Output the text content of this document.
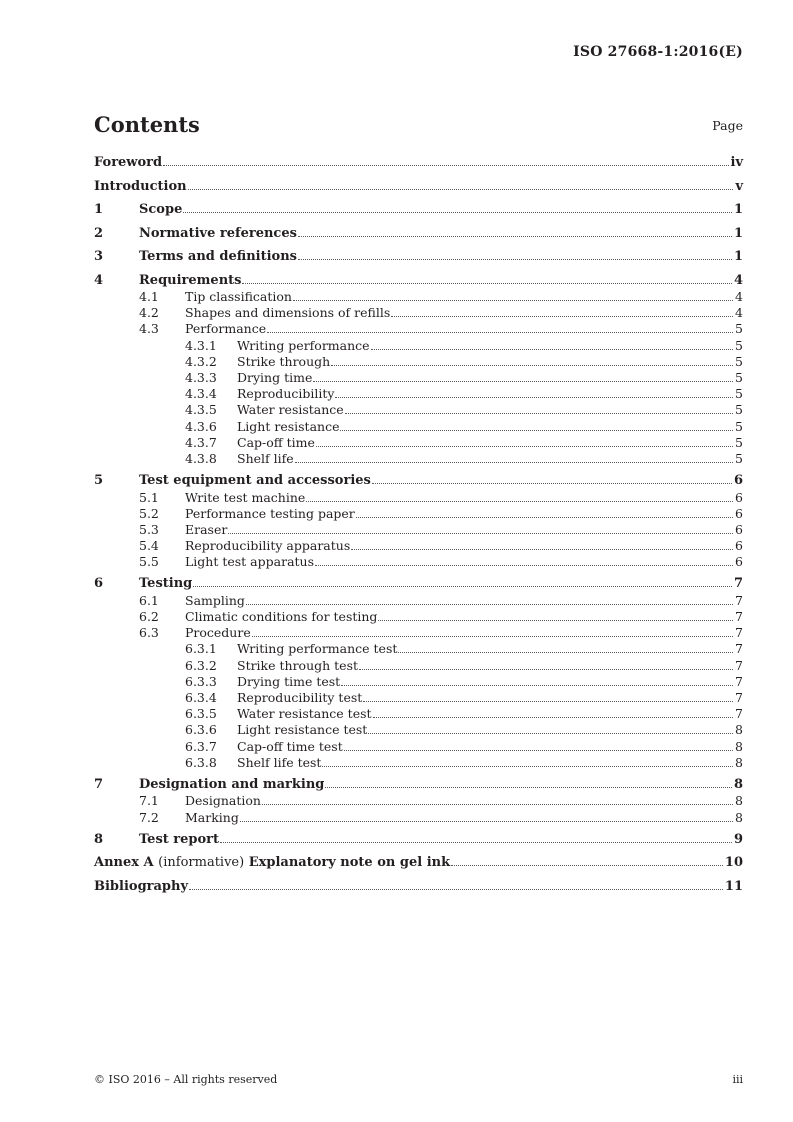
ISO 27668-1:2016(E)
Contents	Page
Foreword	iv
Introduction	v
1	Scope	1
2	Normative references	1
3	Terms and definitions	1
4	Requirements	4
4.1 Tip classification	4
4.2 Shapes and dimensions of refills	4
4.3 Performance	5
4.3.1 Writing performance	5
4.3.2 Strike through	5
4.3.3 Drying time	5
4.3.4 Reproducibility	5
4.3.5 Water resistance	5
4.3.6 Light resistance	5
4.3.7 Cap-off time	5
4.3.8 Shelf life	5
5	Test equipment and accessories	6
5.1 Write test machine	6
5.2 Performance testing paper	6
5.3 Eraser	6
5.4 Reproducibility apparatus	6
5.5 Light test apparatus	6
6	Testing	7
6.1 Sampling	7
6.2 Climatic conditions for testing	7
6.3 Procedure	7
6.3.1 Writing performance test	7
6.3.2 Strike through test	7
6.3.3 Drying time test	7
6.3.4 Reproducibility test	7
6.3.5 Water resistance test	7
6.3.6 Light resistance test	8
6.3.7 Cap-off time test	8
6.3.8 Shelf life test	8
7	Designation and marking	8
7.1 Designation	8
7.2 Marking	8
8	Test report	9
Annex A (informative) Explanatory note on gel ink	10
Bibliography	11
© ISO 2016 – All rights reserved	iii
